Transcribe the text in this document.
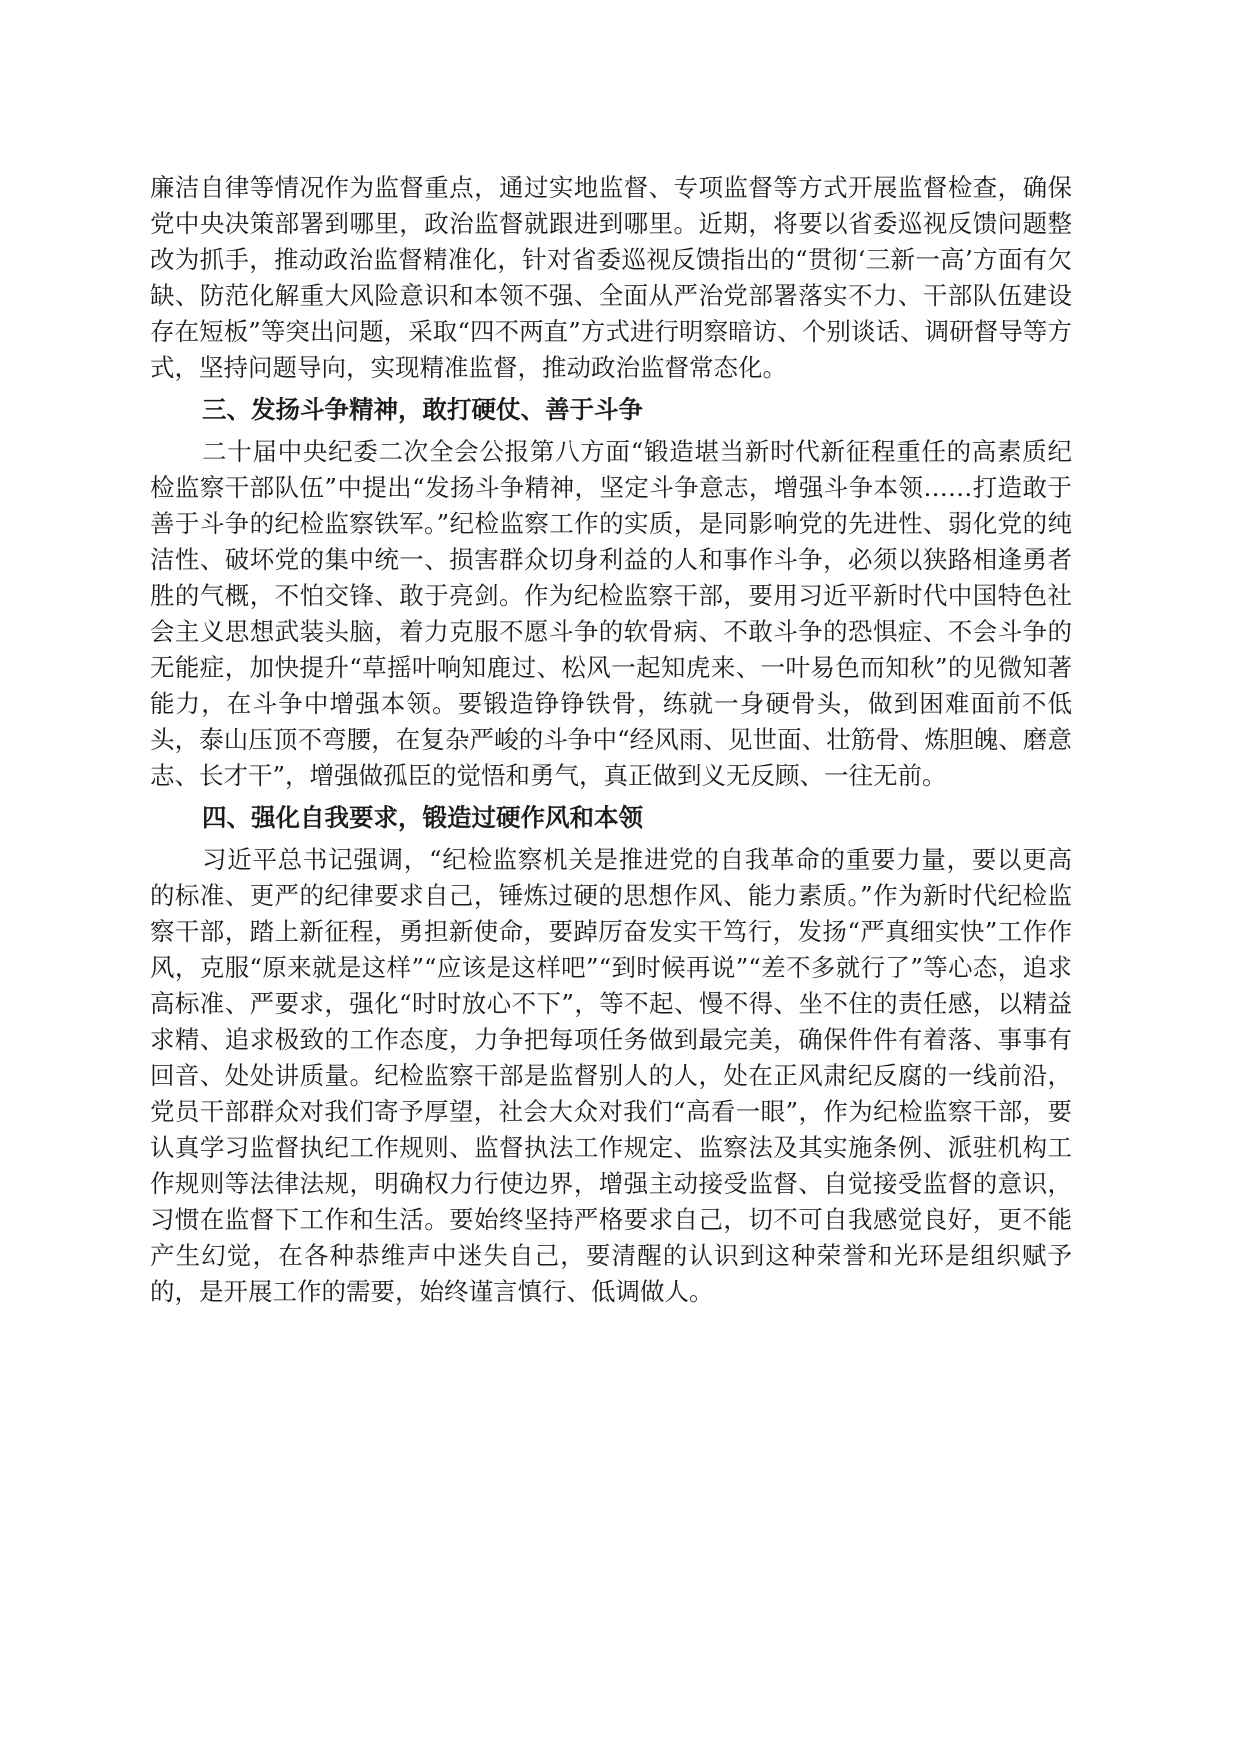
廉洁自律等情况作为监督重点，通过实地监督、专项监督等方式开展监督检查，确保党中央决策部署到哪里，政治监督就跟进到哪里。近期，将要以省委巡视反馈问题整改为抓手，推动政治监督精准化，针对省委巡视反馈指出的“贯彻‘三新一高’方面有欠缺、防范化解重大风险意识和本领不强、全面从严治党部署落实不力、干部队伍建设存在短板”等突出问题，采取“四不两直”方式进行明察暗访、个别谈话、调研督导等方式，坚持问题导向，实现精准监督，推动政治监督常态化。

三、发扬斗争精神，敢打硬仗、善于斗争

二十届中央纪委二次全会公报第八方面“锻造堪当新时代新征程重任的高素质纪检监察干部队伍”中提出“发扬斗争精神，坚定斗争意志，增强斗争本领……打造敢于善于斗争的纪检监察铁军。”纪检监察工作的实质，是同影响党的先进性、弱化党的纯洁性、破坏党的集中统一、损害群众切身利益的人和事作斗争，必须以狭路相逢勇者胜的气概，不怕交锋、敢于亮剑。作为纪检监察干部，要用习近平新时代中国特色社会主义思想武装头脑，着力克服不愿斗争的软骨病、不敢斗争的恐惧症、不会斗争的无能症，加快提升“草摇叶响知鹿过、松风一起知虎来、一叶易色而知秋”的见微知著能力，在斗争中增强本领。要锻造铮铮铁骨，练就一身硬骨头，做到困难面前不低头，泰山压顶不弯腰，在复杂严峻的斗争中“经风雨、见世面、壮筋骨、炼胆魄、磨意志、长才干”，增强做孤臣的觉悟和勇气，真正做到义无反顾、一往无前。

四、强化自我要求，锻造过硬作风和本领

习近平总书记强调，“纪检监察机关是推进党的自我革命的重要力量，要以更高的标准、更严的纪律要求自己，锤炼过硬的思想作风、能力素质。”作为新时代纪检监察干部，踏上新征程，勇担新使命，要踔厉奋发实干笃行，发扬“严真细实快”工作作风，克服“原来就是这样”“应该是这样吧”“到时候再说”“差不多就行了”等心态，追求高标准、严要求，强化“时时放心不下”，等不起、慢不得、坐不住的责任感，以精益求精、追求极致的工作态度，力争把每项任务做到最完美，确保件件有着落、事事有回音、处处讲质量。纪检监察干部是监督别人的人，处在正风肃纪反腐的一线前沿，党员干部群众对我们寄予厚望，社会大众对我们“高看一眼”，作为纪检监察干部，要认真学习监督执纪工作规则、监督执法工作规定、监察法及其实施条例、派驻机构工作规则等法律法规，明确权力行使边界，增强主动接受监督、自觉接受监督的意识，习惯在监督下工作和生活。要始终坚持严格要求自己，切不可自我感觉良好，更不能产生幻觉，在各种恭维声中迷失自己，要清醒的认识到这种荣誉和光环是组织赋予的，是开展工作的需要，始终谨言慎行、低调做人。
